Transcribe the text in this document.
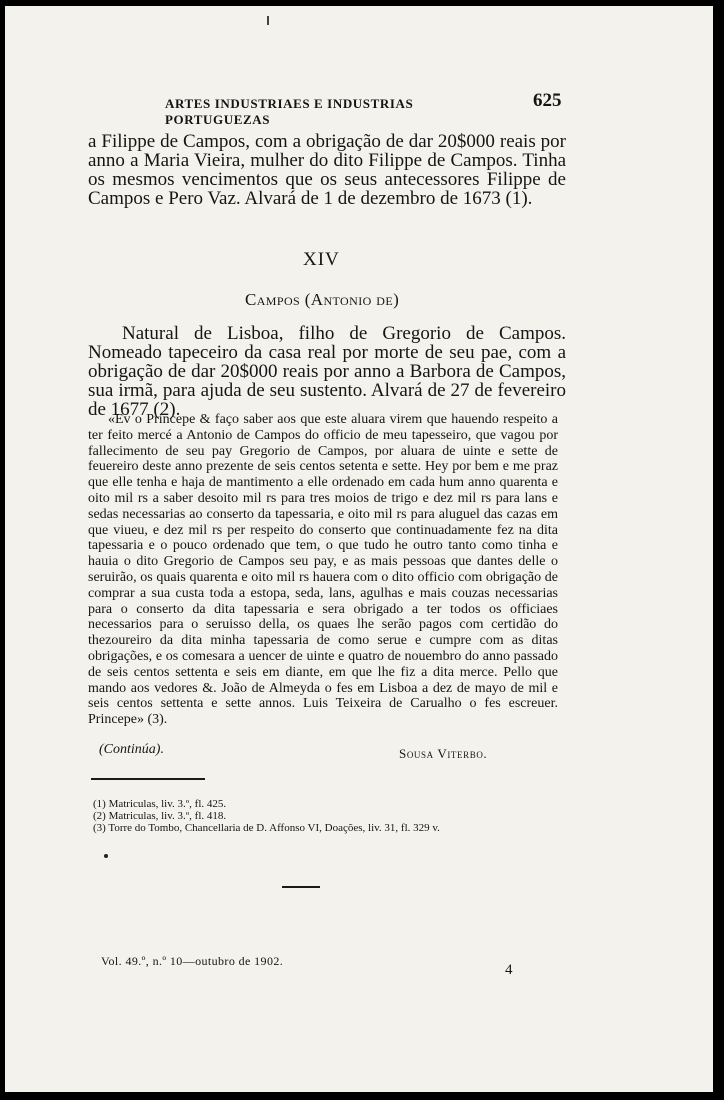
ARTES INDUSTRIAES E INDUSTRIAS PORTUGUEZAS
625

a Filippe de Campos, com a obrigação de dar 20$000 reais por anno a Maria Vieira, mulher do dito Filippe de Campos. Tinha os mesmos vencimentos que os seus antecessores Filippe de Campos e Pero Vaz. Alvará de 1 de dezembro de 1673 (1).

XIV
Campos (Antonio de)

Natural de Lisboa, filho de Gregorio de Campos. Nomeado tapeceiro da casa real por morte de seu pae, com a obrigação de dar 20$000 reais por anno a Barbora de Campos, sua irmã, para ajuda de seu sustento. Alvará de 27 de fevereiro de 1677 (2).

«Ev o Princepe & faço saber aos que este aluara virem que hauendo respeito a ter feito mercé a Antonio de Campos do officio de meu tapesseiro, que vagou por fallecimento de seu pay Gregorio de Campos, por aluara de uinte e sette de feuereiro deste anno prezente de seis centos setenta e sette. Hey por bem e me praz que elle tenha e haja de mantimento a elle ordenado em cada hum anno quarenta e oito mil rs a saber desoito mil rs para tres moios de trigo e dez mil rs para lans e sedas necessarias ao conserto da tapessaria, e oito mil rs para aluguel das cazas em que viueu, e dez mil rs per respeito do conserto que continuadamente fez na dita tapessaria e o pouco ordenado que tem, o que tudo he outro tanto como tinha e hauia o dito Gregorio de Campos seu pay, e as mais pessoas que dantes delle o seruirão, os quais quarenta e oito mil rs hauera com o dito officio com obrigação de comprar a sua custa toda a estopa, seda, lans, agulhas e mais couzas necessarias para o conserto da dita tapessaria e sera obrigado a ter todos os officiaes necessarios para o seruisso della, os quaes lhe serão pagos com certidão do thezoureiro da dita minha tapessaria de como serue e cumpre com as ditas obrigações, e os comesara a uencer de uinte e quatro de nouembro do anno passado de seis centos settenta e seis em diante, em que lhe fiz a dita merce. Pello que mando aos vedores &. João de Almeyda o fes em Lisboa a dez de mayo de mil e seis centos settenta e sette annos. Luis Teixeira de Carualho o fes escreuer. Princepe» (3).

(Continúa).	Sousa Viterbo.
(1) Matriculas, liv. 3.º, fl. 425.
(2) Matriculas, liv. 3.º, fl. 418.
(3) Torre do Tombo, Chancellaria de D. Affonso VI, Doações, liv. 31, fl. 329 v.
Vol. 49.º, n.º 10—outubro de 1902.
4
